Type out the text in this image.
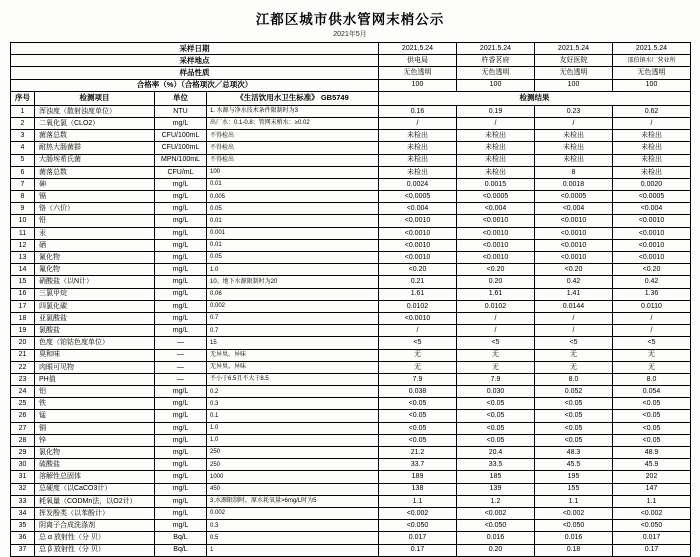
江都区城市供水管网末梢公示
2021年5月
采样日期				2021.5.24	2021.5.24	2021.5.24	2021.5.24
采样地点				供电局	杵香茗府	友好医院	邵伯镇水厂营业所
样品性质				无色透明	无色透明	无色透明	无色透明
合格率（%）（合格项次／总项次）				100	100	100	100
序号	检测项目	单位	《生活饮用水卫生标准》 GB5749	检测结果			
1	浑浊度（散射浊度单位）	NTU	1. 水源与净水技术条件限制时为3	0.16	0.19	0.23	0.62
2	二氧化氯（CLO2）	mg/L	出厂水：0.1-0.8；管网末梢水：≥0.02	/	/	/	/
3	菌落总数	CFU/100mL	不得检出	未检出	未检出	未检出	未检出
4	耐热大肠菌群	CFU/100mL	不得检出	未检出	未检出	未检出	未检出
5	大肠埃希氏菌	MPN/100mL	不得检出	未检出	未检出	未检出	未检出
6	菌落总数	CFU/mL	100	未检出	未检出	8	未检出
7	砷	mg/L	0.01	0.0024	0.0015	0.0018	0.0020
8	镉	mg/L	0.005	<0.0005	<0.0005	<0.0005	<0.0005
9	铬（六价）	mg/L	0.05	<0.004	<0.004	<0.004	<0.004
10	铅	mg/L	0.01	<0.0010	<0.0010	<0.0010	<0.0010
11	汞	mg/L	0.001	<0.0010	<0.0010	<0.0010	<0.0010
12	硒	mg/L	0.01	<0.0010	<0.0010	<0.0010	<0.0010
13	氰化物	mg/L	0.05	<0.0010	<0.0010	<0.0010	<0.0010
14	氟化物	mg/L	1.0	<0.20	<0.20	<0.20	<0.20
15	硝酸盐（以N计）	mg/L	10。地下水源限制时为20	0.21	0.20	0.42	0.42
16	三氯甲烷	mg/L	0.06	1.61	1.61	1.41	1.36
17	四氯化碳	mg/L	0.002	0.0102	0.0102	0.0144	0.0110
18	亚氯酸盐	mg/L	0.7	<0.0010	/	/	/
19	氯酸盐	mg/L	0.7	/	/	/	/
20	色度（铂钴色度单位）	—	15	<5	<5	<5	<5
21	臭和味	—	无异臭、异味	无	无	无	无
22	肉眼可见物	—	无异臭、异味	无	无	无	无
23	PH值	—	不小于6.5且不大于8.5	7.9	7.9	8.0	8.0
24	铝	mg/L	0.2	0.038	0.030	0.052	0.054
25	铁	mg/L	0.3	<0.05	<0.05	<0.05	<0.05
26	锰	mg/L	0.1	<0.05	<0.05	<0.05	<0.05
27	铜	mg/L	1.0	<0.05	<0.05	<0.05	<0.05
28	锌	mg/L	1.0	<0.05	<0.05	<0.05	<0.05
29	氯化物	mg/L	250	21.2	20.4	48.3	48.9
30	硫酸盐	mg/L	250	33.7	33.5	45.5	45.9
31	溶解性总固体	mg/L	1000	189	185	195	202
32	总硬度（以CaCO3计）	mg/L	450	138	139	155	147
33	耗氧量（CODMn法，以O2计）	mg/L	3,水源限制时，原水耗氧量>6mg/L时为5	1.1	1.2	1.1	1.1
34	挥发酚类（以苯酚计）	mg/L	0.002	<0.002	<0.002	<0.002	<0.002
35	阴离子合成洗涤剂	mg/L	0.3	<0.050	<0.050	<0.050	<0.050
36	总 α 放射性（分 贝）	Bq/L	0.5	0.017	0.016	0.016	0.017
37	总 β 放射性（分 贝）	Bq/L	1	0.17	0.20	0.18	0.17
